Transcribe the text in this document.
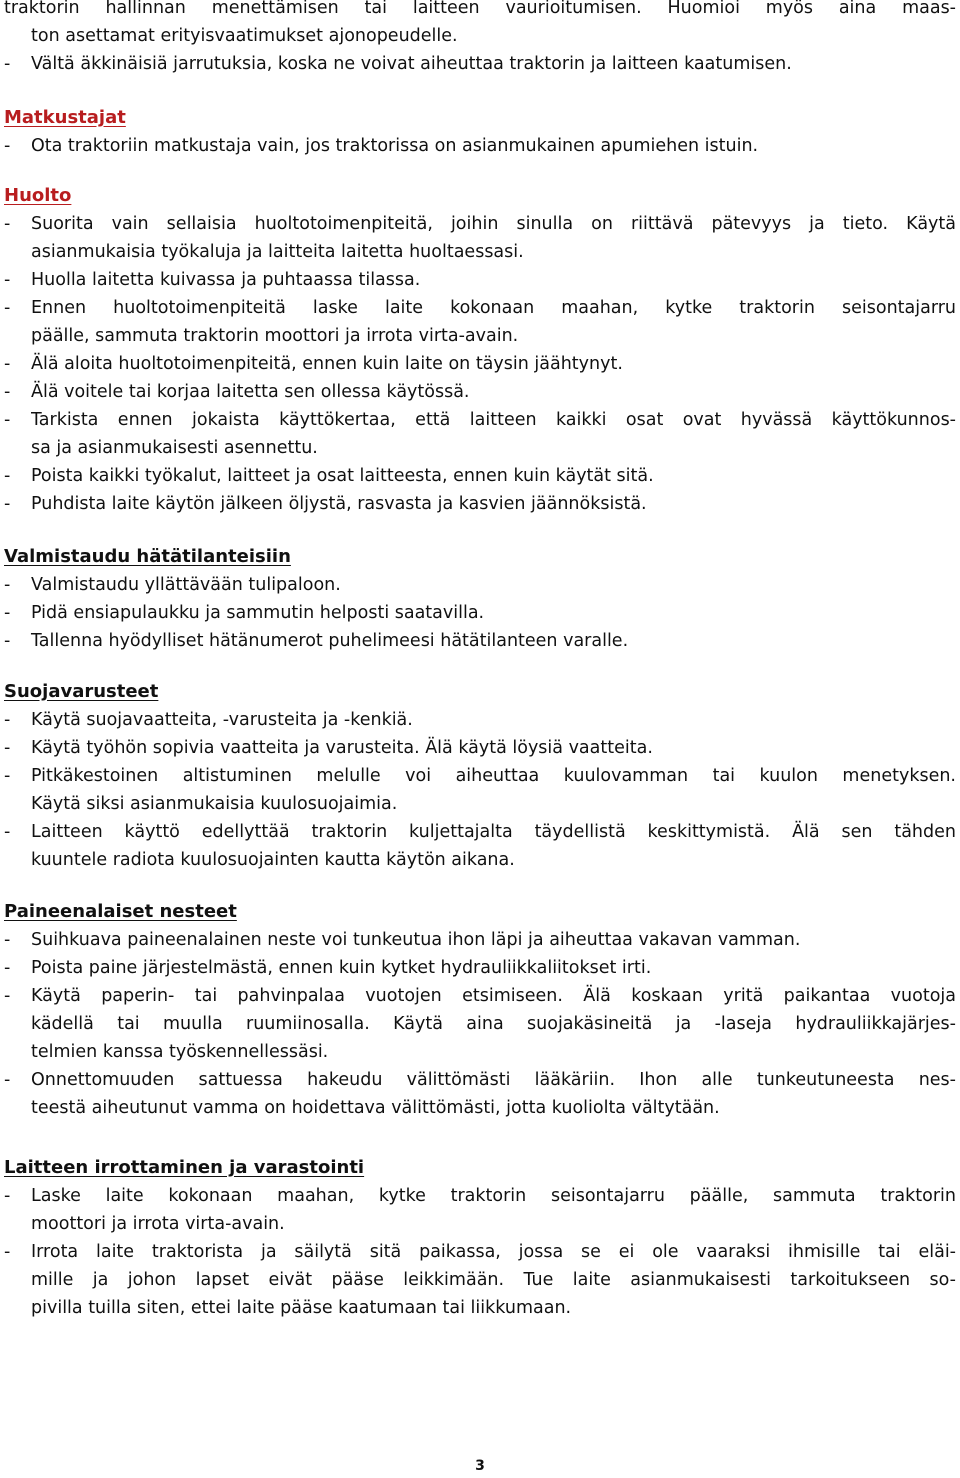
traktorin hallinnan menettämisen tai laitteen vaurioitumisen. Huomioi myös aina maas-
ton asettamat erityisvaatimukset ajonopeudelle.
- Vältä äkkinäisiä jarrutuksia, koska ne voivat aiheuttaa traktorin ja laitteen kaatumisen.
Matkustajat
- Ota traktoriin matkustaja vain, jos traktorissa on asianmukainen apumiehen istuin.
Huolto
- Suorita vain sellaisia huoltotoimenpiteitä, joihin sinulla on riittävä pätevyys ja tieto. Käytä
asianmukaisia työkaluja ja laitteita laitetta huoltaessasi.
- Huolla laitetta kuivassa ja puhtaassa tilassa.
- Ennen huoltotoimenpiteitä laske laite kokonaan maahan, kytke traktorin seisontajarru
päälle, sammuta traktorin moottori ja irrota virta-avain.
- Älä aloita huoltotoimenpiteitä, ennen kuin laite on täysin jäähtynyt.
- Älä voitele tai korjaa laitetta sen ollessa käytössä.
- Tarkista ennen jokaista käyttökertaa, että laitteen kaikki osat ovat hyvässä käyttökunnos-
sa ja asianmukaisesti asennettu.
- Poista kaikki työkalut, laitteet ja osat laitteesta, ennen kuin käytät sitä.
- Puhdista laite käytön jälkeen öljystä, rasvasta ja kasvien jäännöksistä.
Valmistaudu hätätilanteisiin
- Valmistaudu yllättävään tulipaloon.
- Pidä ensiapulaukku ja sammutin helposti saatavilla.
- Tallenna hyödylliset hätänumerot puhelimeesi hätätilanteen varalle.
Suojavarusteet
- Käytä suojavaatteita, -varusteita ja -kenkiä.
- Käytä työhön sopivia vaatteita ja varusteita. Älä käytä löysiä vaatteita.
- Pitkäkestoinen altistuminen melulle voi aiheuttaa kuulovamman tai kuulon menetyksen.
Käytä siksi asianmukaisia kuulosuojaimia.
- Laitteen käyttö edellyttää traktorin kuljettajalta täydellistä keskittymistä. Älä sen tähden
kuuntele radiota kuulosuojainten kautta käytön aikana.
Paineenalaiset nesteet
- Suihkuava paineenalainen neste voi tunkeutua ihon läpi ja aiheuttaa vakavan vamman.
- Poista paine järjestelmästä, ennen kuin kytket hydrauliikkaliitokset irti.
- Käytä paperin- tai pahvinpalaa vuotojen etsimiseen. Älä koskaan yritä paikantaa vuotoja
kädellä tai muulla ruumiinosalla. Käytä aina suojakäsineitä ja -laseja hydrauliikkajärjes-
telmien kanssa työskennellessäsi.
- Onnettomuuden sattuessa hakeudu välittömästi lääkäriin. Ihon alle tunkeutuneesta nes-
teestä aiheutunut vamma on hoidettava välittömästi, jotta kuoliolta vältytään.
Laitteen irrottaminen ja varastointi
- Laske laite kokonaan maahan, kytke traktorin seisontajarru päälle, sammuta traktorin
moottori ja irrota virta-avain.
- Irrota laite traktorista ja säilytä sitä paikassa, jossa se ei ole vaaraksi ihmisille tai eläi-
mille ja johon lapset eivät pääse leikkimään. Tue laite asianmukaisesti tarkoitukseen so-
pivilla tuilla siten, ettei laite pääse kaatumaan tai liikkumaan.
3
